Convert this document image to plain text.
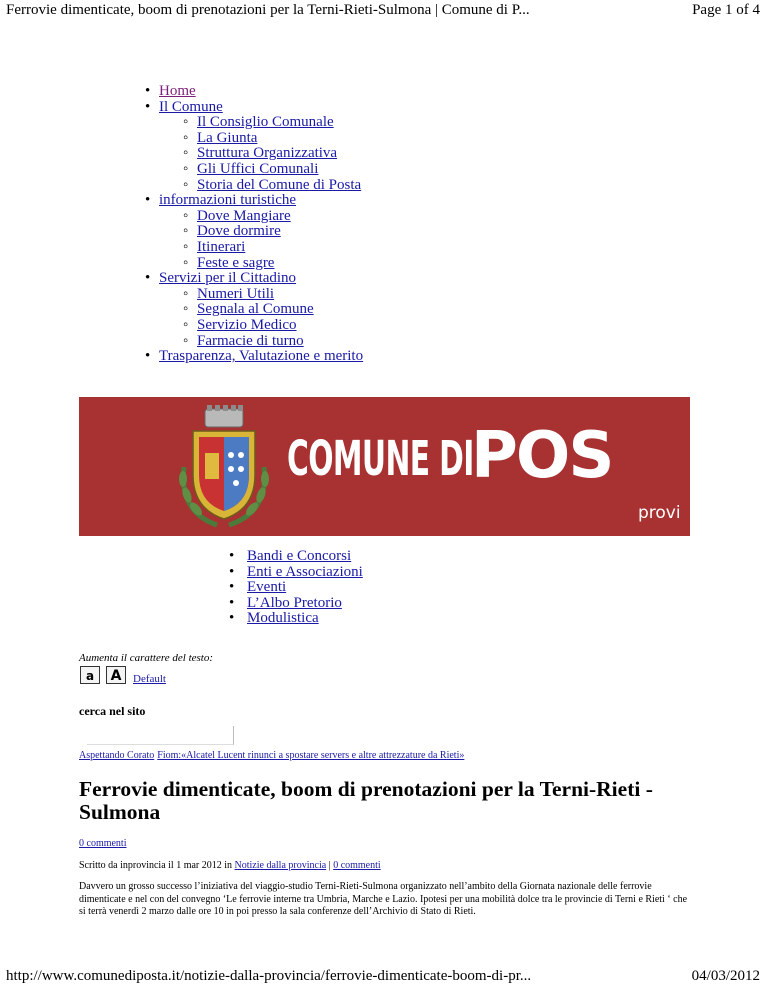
Ferrovie dimenticate, boom di prenotazioni per la Terni-Rieti-Sulmona | Comune di P...	Page 1 of 4
• Home
• Il Comune
◦ Il Consiglio Comunale
◦ La Giunta
◦ Struttura Organizzativa
◦ Gli Uffici Comunali
◦ Storia del Comune di Posta
• informazioni turistiche
◦ Dove Mangiare
◦ Dove dormire
◦ Itinerari
◦ Feste e sagre
• Servizi per il Cittadino
◦ Numeri Utili
◦ Segnala al Comune
◦ Servizio Medico
◦ Farmacie di turno
• Trasparenza, Valutazione e merito
COMUNE DI
POS
provi
• Bandi e Concorsi
• Enti e Associazioni
• Eventi
• L’Albo Pretorio
• Modulistica
Aumenta il carattere del testo:
a	A	Default
cerca nel sito
Aspettando Corato Fiom:«Alcatel Lucent rinunci a spostare servers e altre attrezzature da Rieti»
Ferrovie dimenticate, boom di prenotazioni per la Terni-Rieti -Sulmona
0 commenti
Scritto da inprovincia il 1 mar 2012 in Notizie dalla provincia | 0 commenti

Davvero un grosso successo l’iniziativa del viaggio-studio Terni-Rieti-Sulmona organizzato nell’ambito della Giornata nazionale delle ferrovie dimenticate e nel con del convegno ‘Le ferrovie interne tra Umbria, Marche e Lazio. Ipotesi per una mobilità dolce tra le provincie di Terni e Rieti ‘ che si terrà venerdì 2 marzo dalle ore 10 in poi presso la sala conferenze dell’Archivio di Stato di Rieti.

http://www.comunediposta.it/notizie-dalla-provincia/ferrovie-dimenticate-boom-di-pr...	04/03/2012
